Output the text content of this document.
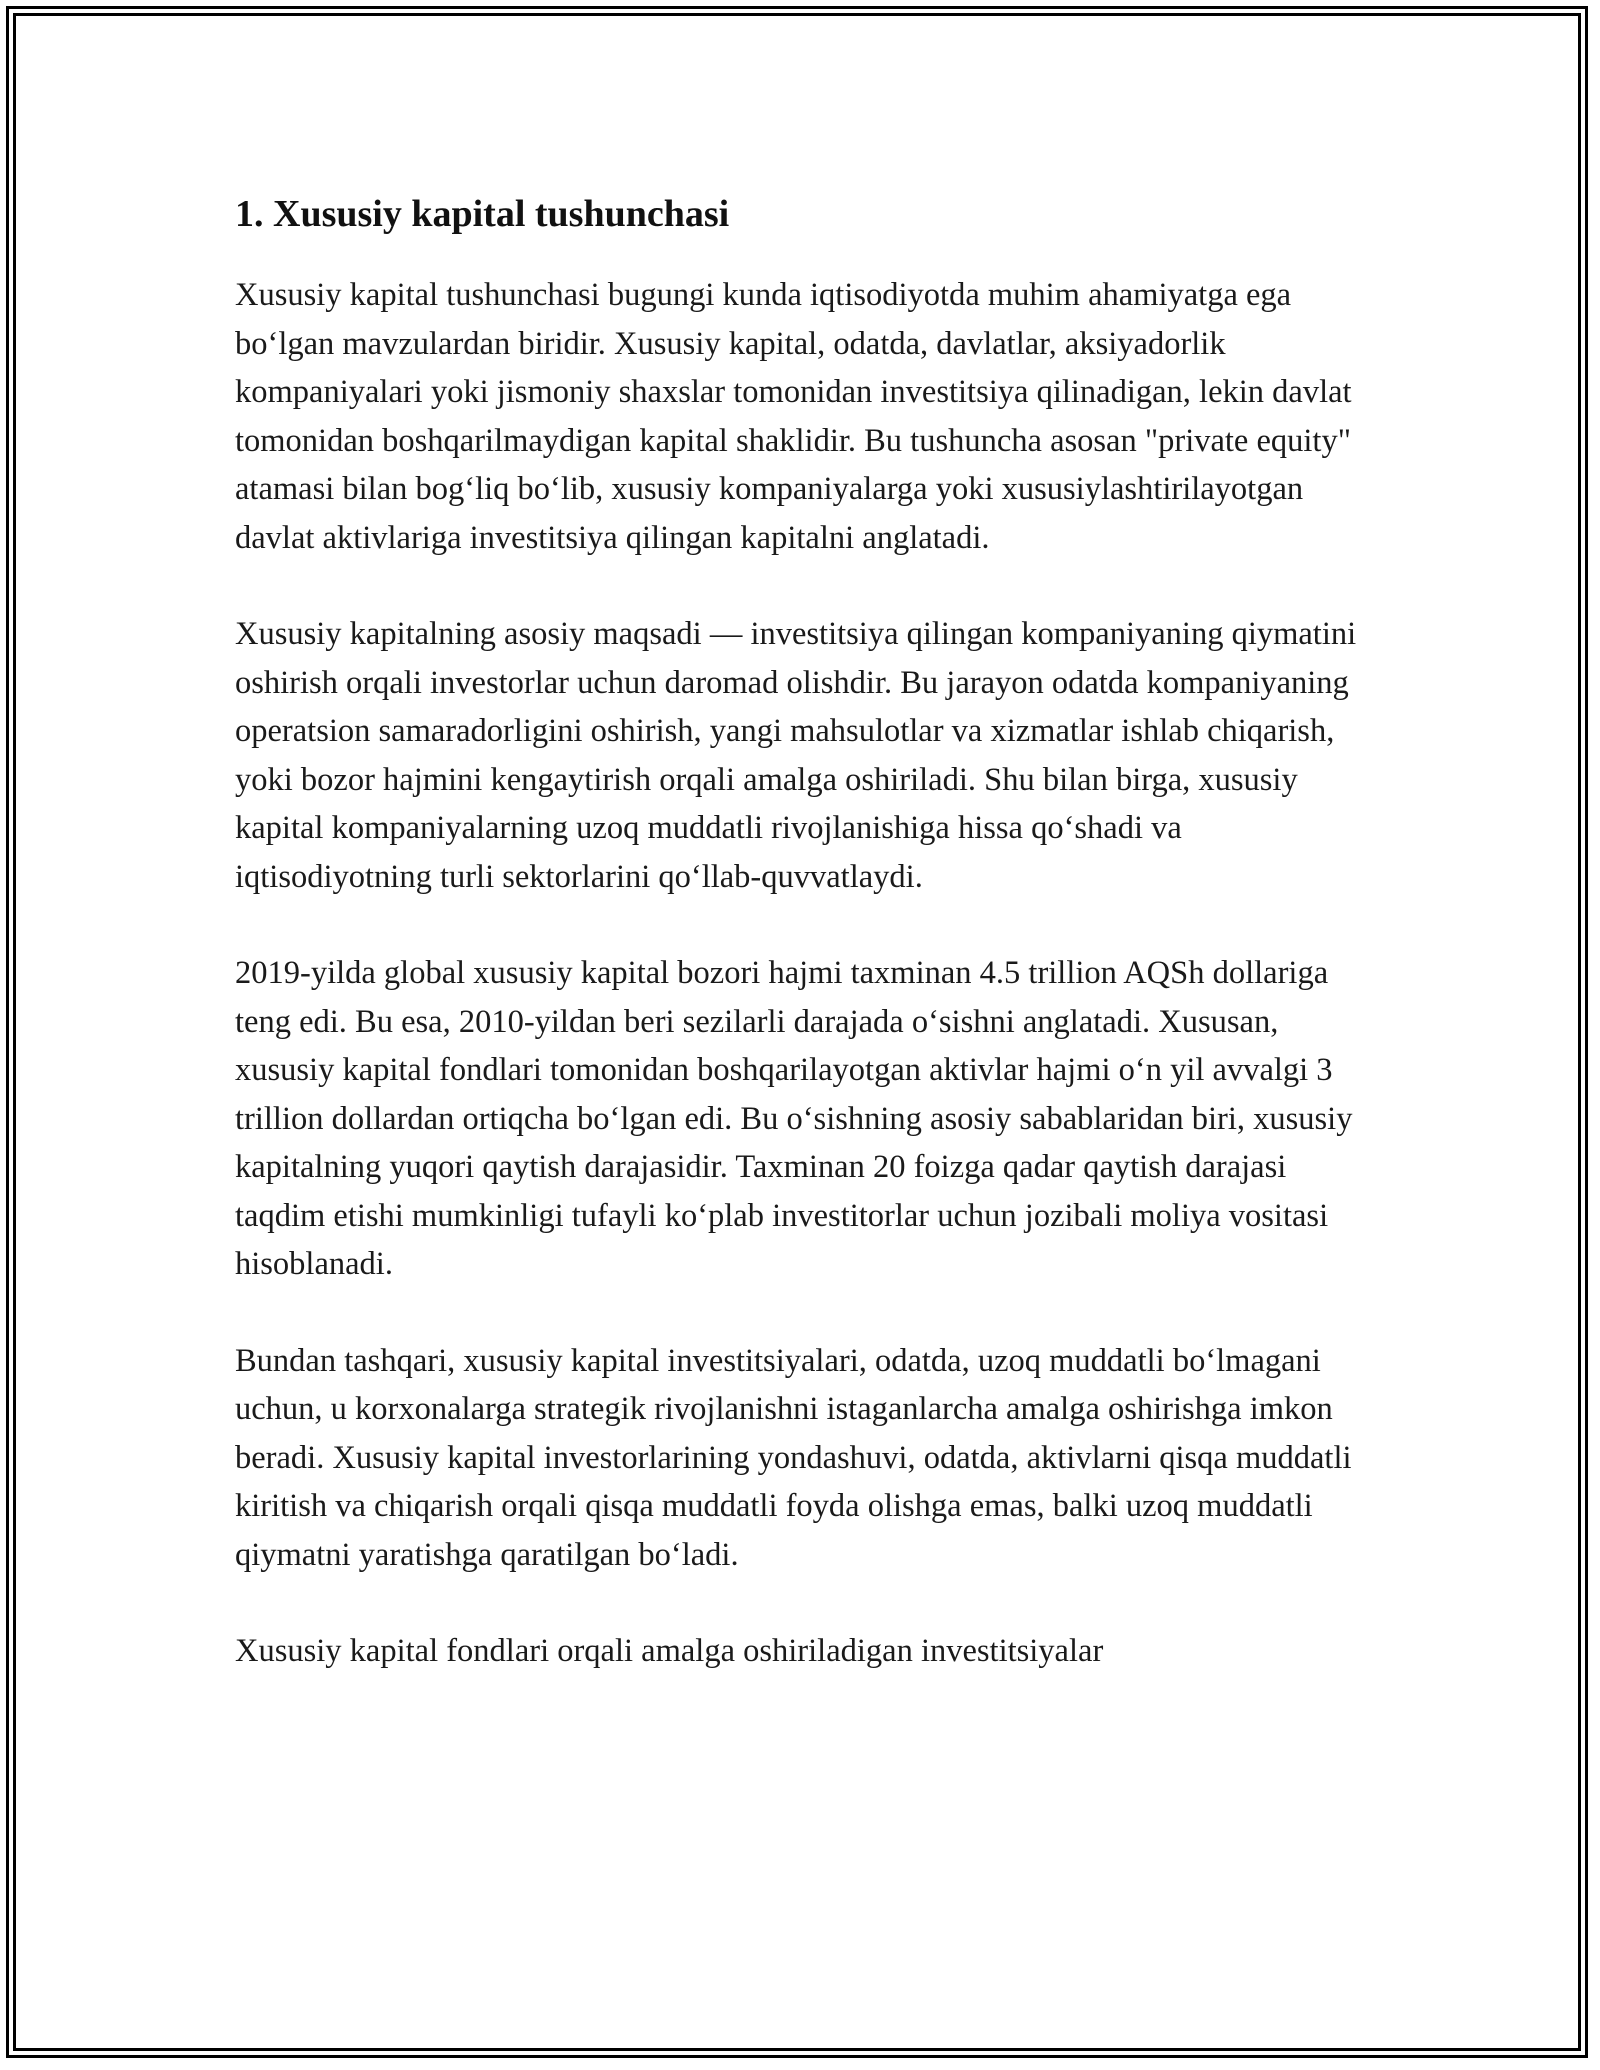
1. Xususiy kapital tushunchasi

Xususiy kapital tushunchasi bugungi kunda iqtisodiyotda muhim ahamiyatga ega bo‘lgan mavzulardan biridir. Xususiy kapital, odatda, davlatlar, aksiyadorlik kompaniyalari yoki jismoniy shaxslar tomonidan investitsiya qilinadigan, lekin davlat tomonidan boshqarilmaydigan kapital shaklidir. Bu tushuncha asosan "private equity" atamasi bilan bog‘liq bo‘lib, xususiy kompaniyalarga yoki xususiylashtirilayotgan davlat aktivlariga investitsiya qilingan kapitalni anglatadi.

Xususiy kapitalning asosiy maqsadi — investitsiya qilingan kompaniyaning qiymatini oshirish orqali investorlar uchun daromad olishdir. Bu jarayon odatda kompaniyaning operatsion samaradorligini oshirish, yangi mahsulotlar va xizmatlar ishlab chiqarish, yoki bozor hajmini kengaytirish orqali amalga oshiriladi. Shu bilan birga, xususiy kapital kompaniyalarning uzoq muddatli rivojlanishiga hissa qo‘shadi va iqtisodiyotning turli sektorlarini qo‘llab-quvvatlaydi.

2019-yilda global xususiy kapital bozori hajmi taxminan 4.5 trillion AQSh dollariga teng edi. Bu esa, 2010-yildan beri sezilarli darajada o‘sishni anglatadi. Xususan, xususiy kapital fondlari tomonidan boshqarilayotgan aktivlar hajmi o‘n yil avvalgi 3 trillion dollardan ortiqcha bo‘lgan edi. Bu o‘sishning asosiy sabablaridan biri, xususiy kapitalning yuqori qaytish darajasidir. Taxminan 20 foizga qadar qaytish darajasi taqdim etishi mumkinligi tufayli ko‘plab investitorlar uchun jozibali moliya vositasi hisoblanadi.

Bundan tashqari, xususiy kapital investitsiyalari, odatda, uzoq muddatli bo‘lmagani uchun, u korxonalarga strategik rivojlanishni istaganlarcha amalga oshirishga imkon beradi. Xususiy kapital investorlarining yondashuvi, odatda, aktivlarni qisqa muddatli kiritish va chiqarish orqali qisqa muddatli foyda olishga emas, balki uzoq muddatli qiymatni yaratishga qaratilgan bo‘ladi.

Xususiy kapital fondlari orqali amalga oshiriladigan investitsiyalar
